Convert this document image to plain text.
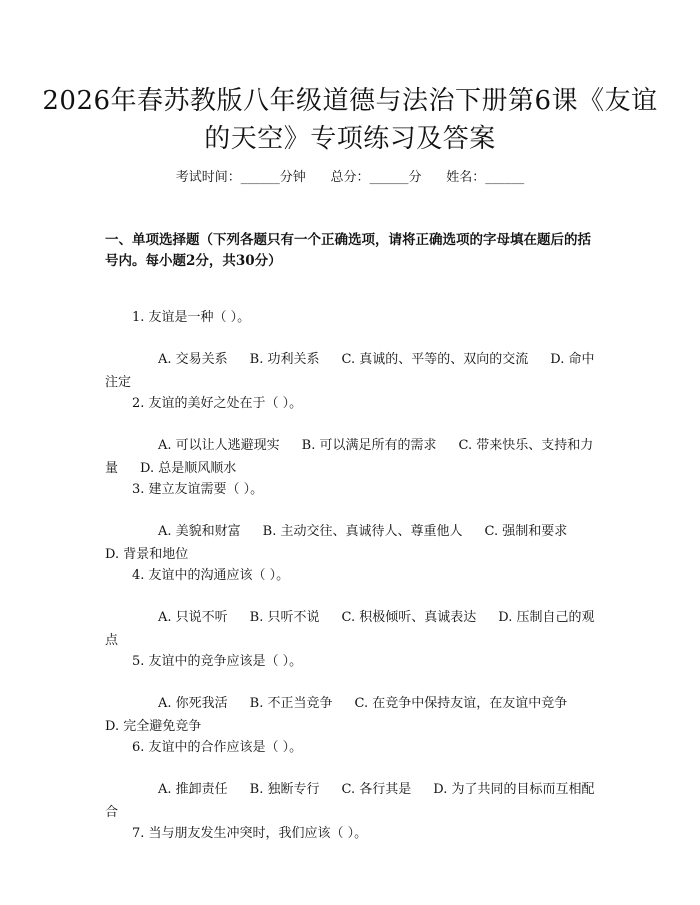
2026年春苏教版八年级道德与法治下册第6课《友谊的天空》专项练习及答案
考试时间：______分钟      总分：______分      姓名：______
一、单项选择题（下列各题只有一个正确选项，请将正确选项的字母填在题后的括号内。每小题2分，共30分）
1. 友谊是一种（ ）。
A. 交易关系 B. 功利关系 C. 真诚的、平等的、双向的交流 D. 命中注定
2. 友谊的美好之处在于（ ）。
A. 可以让人逃避现实 B. 可以满足所有的需求 C. 带来快乐、支持和力量 D. 总是顺风顺水
3. 建立友谊需要（ ）。
A. 美貌和财富 B. 主动交往、真诚待人、尊重他人 C. 强制和要求D. 背景和地位
4. 友谊中的沟通应该（ ）。
A. 只说不听 B. 只听不说 C. 积极倾听、真诚表达 D. 压制自己的观点
5. 友谊中的竞争应该是（ ）。
A. 你死我活 B. 不正当竞争 C. 在竞争中保持友谊，在友谊中竞争D. 完全避免竞争
6. 友谊中的合作应该是（ ）。
A. 推卸责任 B. 独断专行 C. 各行其是 D. 为了共同的目标而互相配合
7. 当与朋友发生冲突时，我们应该（ ）。
